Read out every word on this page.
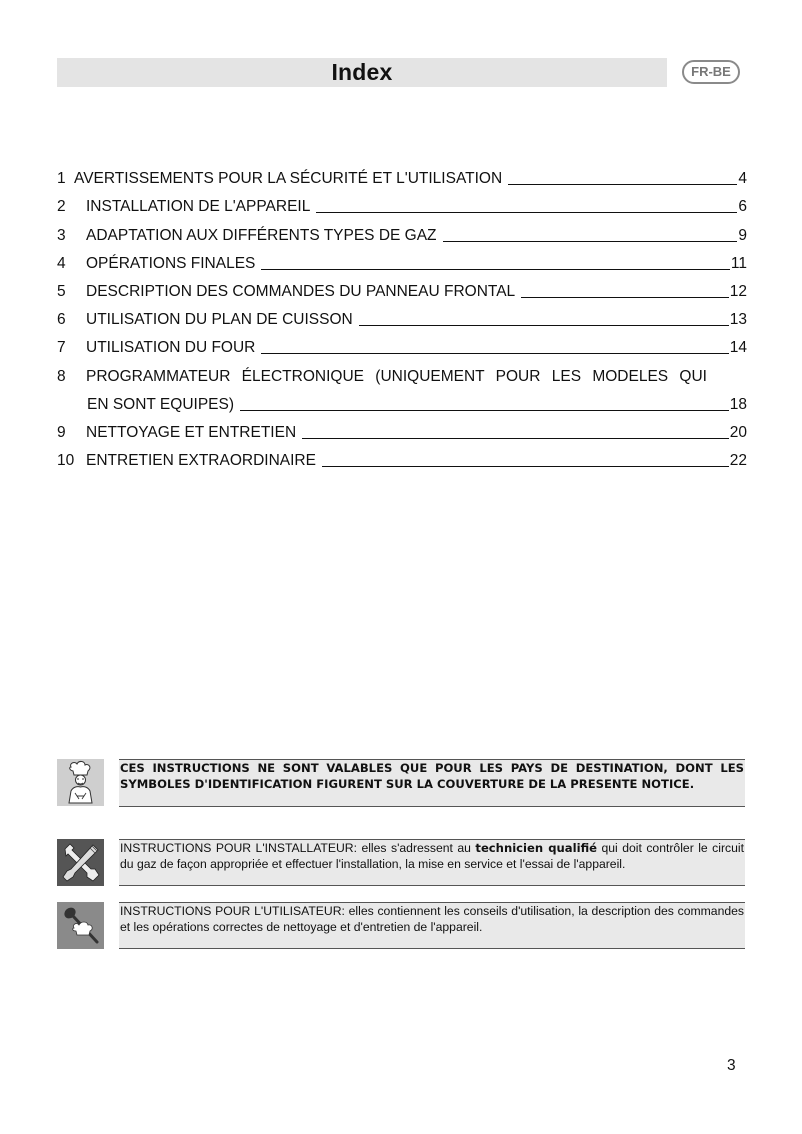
Index	FR-BE
1 AVERTISSEMENTS POUR LA SÉCURITÉ ET L'UTILISATION	4
2	INSTALLATION DE L'APPAREIL	6
3	ADAPTATION AUX DIFFÉRENTS TYPES DE GAZ	9
4	OPÉRATIONS FINALES	11
5	DESCRIPTION DES COMMANDES DU PANNEAU FRONTAL	12
6	UTILISATION DU PLAN DE CUISSON	13
7	UTILISATION DU FOUR	14
8	PROGRAMMATEUR ÉLECTRONIQUE (UNIQUEMENT POUR LES MODELES QUI
EN SONT EQUIPES)	18
9	NETTOYAGE ET ENTRETIEN	20
10 ENTRETIEN EXTRAORDINAIRE	22
CES INSTRUCTIONS NE SONT VALABLES QUE POUR LES PAYS DE DESTINATION, DONT LES SYMBOLES D'IDENTIFICATION FIGURENT SUR LA COUVERTURE DE LA PRESENTE NOTICE.
INSTRUCTIONS POUR L'INSTALLATEUR: elles s'adressent au technicien qualifié qui doit contrôler le circuit du gaz de façon appropriée et effectuer l'installation, la mise en service et l'essai de l'appareil.
INSTRUCTIONS POUR L'UTILISATEUR: elles contiennent les conseils d'utilisation, la description des commandes et les opérations correctes de nettoyage et d'entretien de l'appareil.
3
